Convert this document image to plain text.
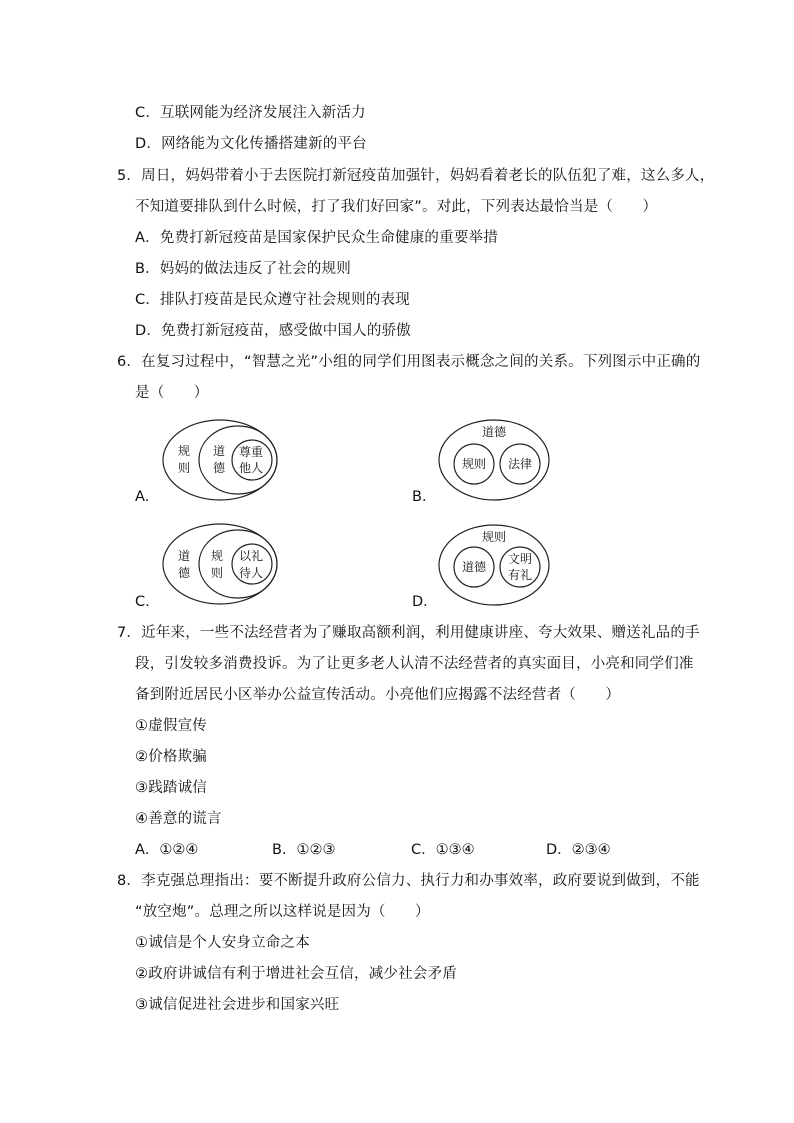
C．互联网能为经济发展注入新活力
D．网络能为文化传播搭建新的平台
5．周日，妈妈带着小于去医院打新冠疫苗加强针，妈妈看着老长的队伍犯了难，这么多人，
不知道要排队到什么时候，打了我们好回家”。对此，下列表达最恰当是（　　）
A．免费打新冠疫苗是国家保护民众生命健康的重要举措
B．妈妈的做法违反了社会的规则
C．排队打疫苗是民众遵守社会规则的表现
D．免费打新冠疫苗，感受做中国人的骄傲
6．在复习过程中，“智慧之光”小组的同学们用图表示概念之间的关系。下列图示中正确的
是（　　）
A．
规
则
道
德
尊重
他人
B．
道德
规则 法律
C．
道
德
规
则
以礼
待人
D．
规则
道德
文明
有礼
7．近年来，一些不法经营者为了赚取高额利润，利用健康讲座、夸大效果、赠送礼品的手
段，引发较多消费投诉。为了让更多老人认清不法经营者的真实面目，小亮和同学们准
备到附近居民小区举办公益宣传活动。小亮他们应揭露不法经营者（　　）
①虚假宣传
②价格欺骗
③践踏诚信
④善意的谎言
A．①②④	B．①②③	C．①③④	D．②③④
8．李克强总理指出：要不断提升政府公信力、执行力和办事效率，政府要说到做到，不能
“放空炮”。总理之所以这样说是因为（　　）
①诚信是个人安身立命之本
②政府讲诚信有利于增进社会互信，减少社会矛盾
③诚信促进社会进步和国家兴旺
